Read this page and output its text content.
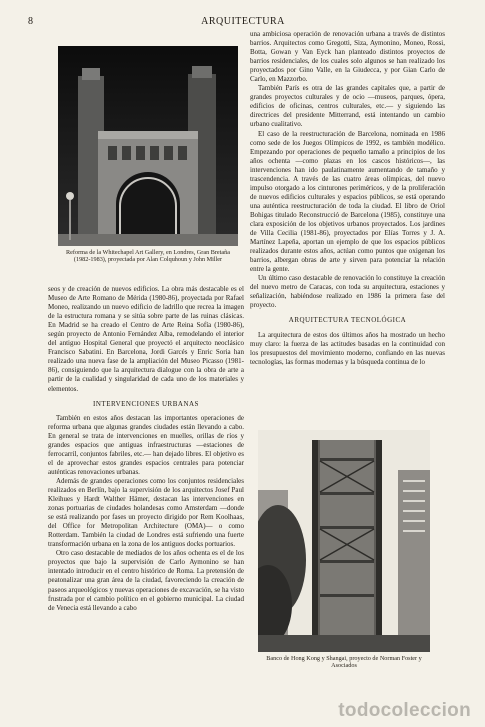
8	ARQUITECTURA
Reforma de la Whitechapel Art Gallery, en Londres, Gran Bretaña (1982-1983), proyectada por Alan Colquhoun y John Miller

seos y de creación de nuevos edificios. La obra más destacable es el Museo de Arte Romano de Mérida (1980-86), proyectada por Rafael Moneo, realizando un nuevo edificio de ladrillo que recrea la imagen de la estructura romana y se sitúa sobre parte de las ruinas clásicas. En Madrid se ha creado el Centro de Arte Reina Sofía (1980-86), según proyecto de Antonio Fernández Alba, remodelando el interior del antiguo Hospital General que proyectó el arquitecto neoclásico Francisco Sabatini. En Barcelona, Jordi Garcés y Enric Soria han realizado una nueva fase de la ampliación del Museo Picasso (1981-86), consiguiendo que la arquitectura dialogue con la obra de arte a partir de la cualidad y singularidad de cada uno de los materiales y elementos.

INTERVENCIONES URBANAS

También en estos años destacan las importantes operaciones de reforma urbana que algunas grandes ciudades están llevando a cabo. En general se trata de intervenciones en muelles, orillas de ríos y grandes espacios que antiguas infraestructuras —estaciones de ferrocarril, conjuntos fabriles, etc.— han dejado libres. El objetivo es el de aprovechar estos grandes espacios centrales para potenciar auténticas renovaciones urbanas.

Además de grandes operaciones como los conjuntos residenciales realizados en Berlín, bajo la supervisión de los arquitectos Josef Paul Kleihues y Hardt Walther Hämer, destacan las intervenciones en zonas portuarias de ciudades holandesas como Amsterdam —donde se está realizando por fases un proyecto dirigido por Rem Koolhaas, del Office for Metropolitan Architecture (OMA)— o como Rotterdam. También la ciudad de Londres está sufriendo una fuerte transformación urbana en la zona de los antiguos docks portuarios.

Otro caso destacable de mediados de los años ochenta es el de los proyectos que bajo la supervisión de Carlo Aymonino se han intentado introducir en el centro histórico de Roma. La pretensión de peatonalizar una gran área de la ciudad, favoreciendo la creación de paseos arqueológicos y nuevas operaciones de excavación, se ha visto frustrada por el cambio político en el gobierno municipal. La ciudad de Venecia está llevando a cabo

una ambiciosa operación de renovación urbana a través de distintos barrios. Arquitectos como Gregotti, Siza, Aymonino, Moneo, Rossi, Botta, Gowan y Van Eyck han planteado distintos proyectos de barrios residenciales, de los cuales solo algunos se han realizado los proyectados por Gino Valle, en la Giudecca, y por Gian Carlo de Carlo, en Mazzorbo.

También París es otra de las grandes capitales que, a partir de grandes proyectos culturales y de ocio —museos, parques, ópera, edificios de oficinas, centros culturales, etc.— y siguiendo las directrices del presidente Mitterrand, está intentando un cambio urbano cualitativo.

El caso de la reestructuración de Barcelona, nominada en 1986 como sede de los Juegos Olímpicos de 1992, es también modélico. Empezando por operaciones de pequeño tamaño a principios de los años ochenta —como plazas en los cascos históricos—, las intervenciones han ido paulatinamente aumentando de tamaño y trascendencia. A través de las cuatro áreas olímpicas, del nuevo impulso otorgado a los cinturones periméricos, y de la proliferación de nuevos edificios culturales y espacios públicos, se está operando una auténtica reestructuración de toda la ciudad. El libro de Oriol Bohigas titulado Reconstrucció de Barcelona (1985), constituye una clara exposición de los objetivos urbanos proyectados. Los jardines de Villa Cecilia (1981-86), proyectados por Elías Torres y J. A. Martínez Lapeña, aportan un ejemplo de que los espacios públicos realizados durante estos años, actúan como puntos que oxigenan los barrios, albergan obras de arte y sirven para potenciar la relación entre la gente.

Un último caso destacable de renovación lo constituye la creación del nuevo metro de Caracas, con toda su arquitectura, estaciones y señalización, habiéndose realizado en 1986 la primera fase del proyecto.

ARQUITECTURA TECNOLÓGICA

La arquitectura de estos dos últimos años ha mostrado un hecho muy claro: la fuerza de las actitudes basadas en la continuidad con los presupuestos del movimiento moderno, confiando en las nuevas tecnologías, las formas modernas y la búsqueda continua de lo

Banco de Hong Kong y Shangai, proyecto de Norman Foster y Asociados
todocoleccion
